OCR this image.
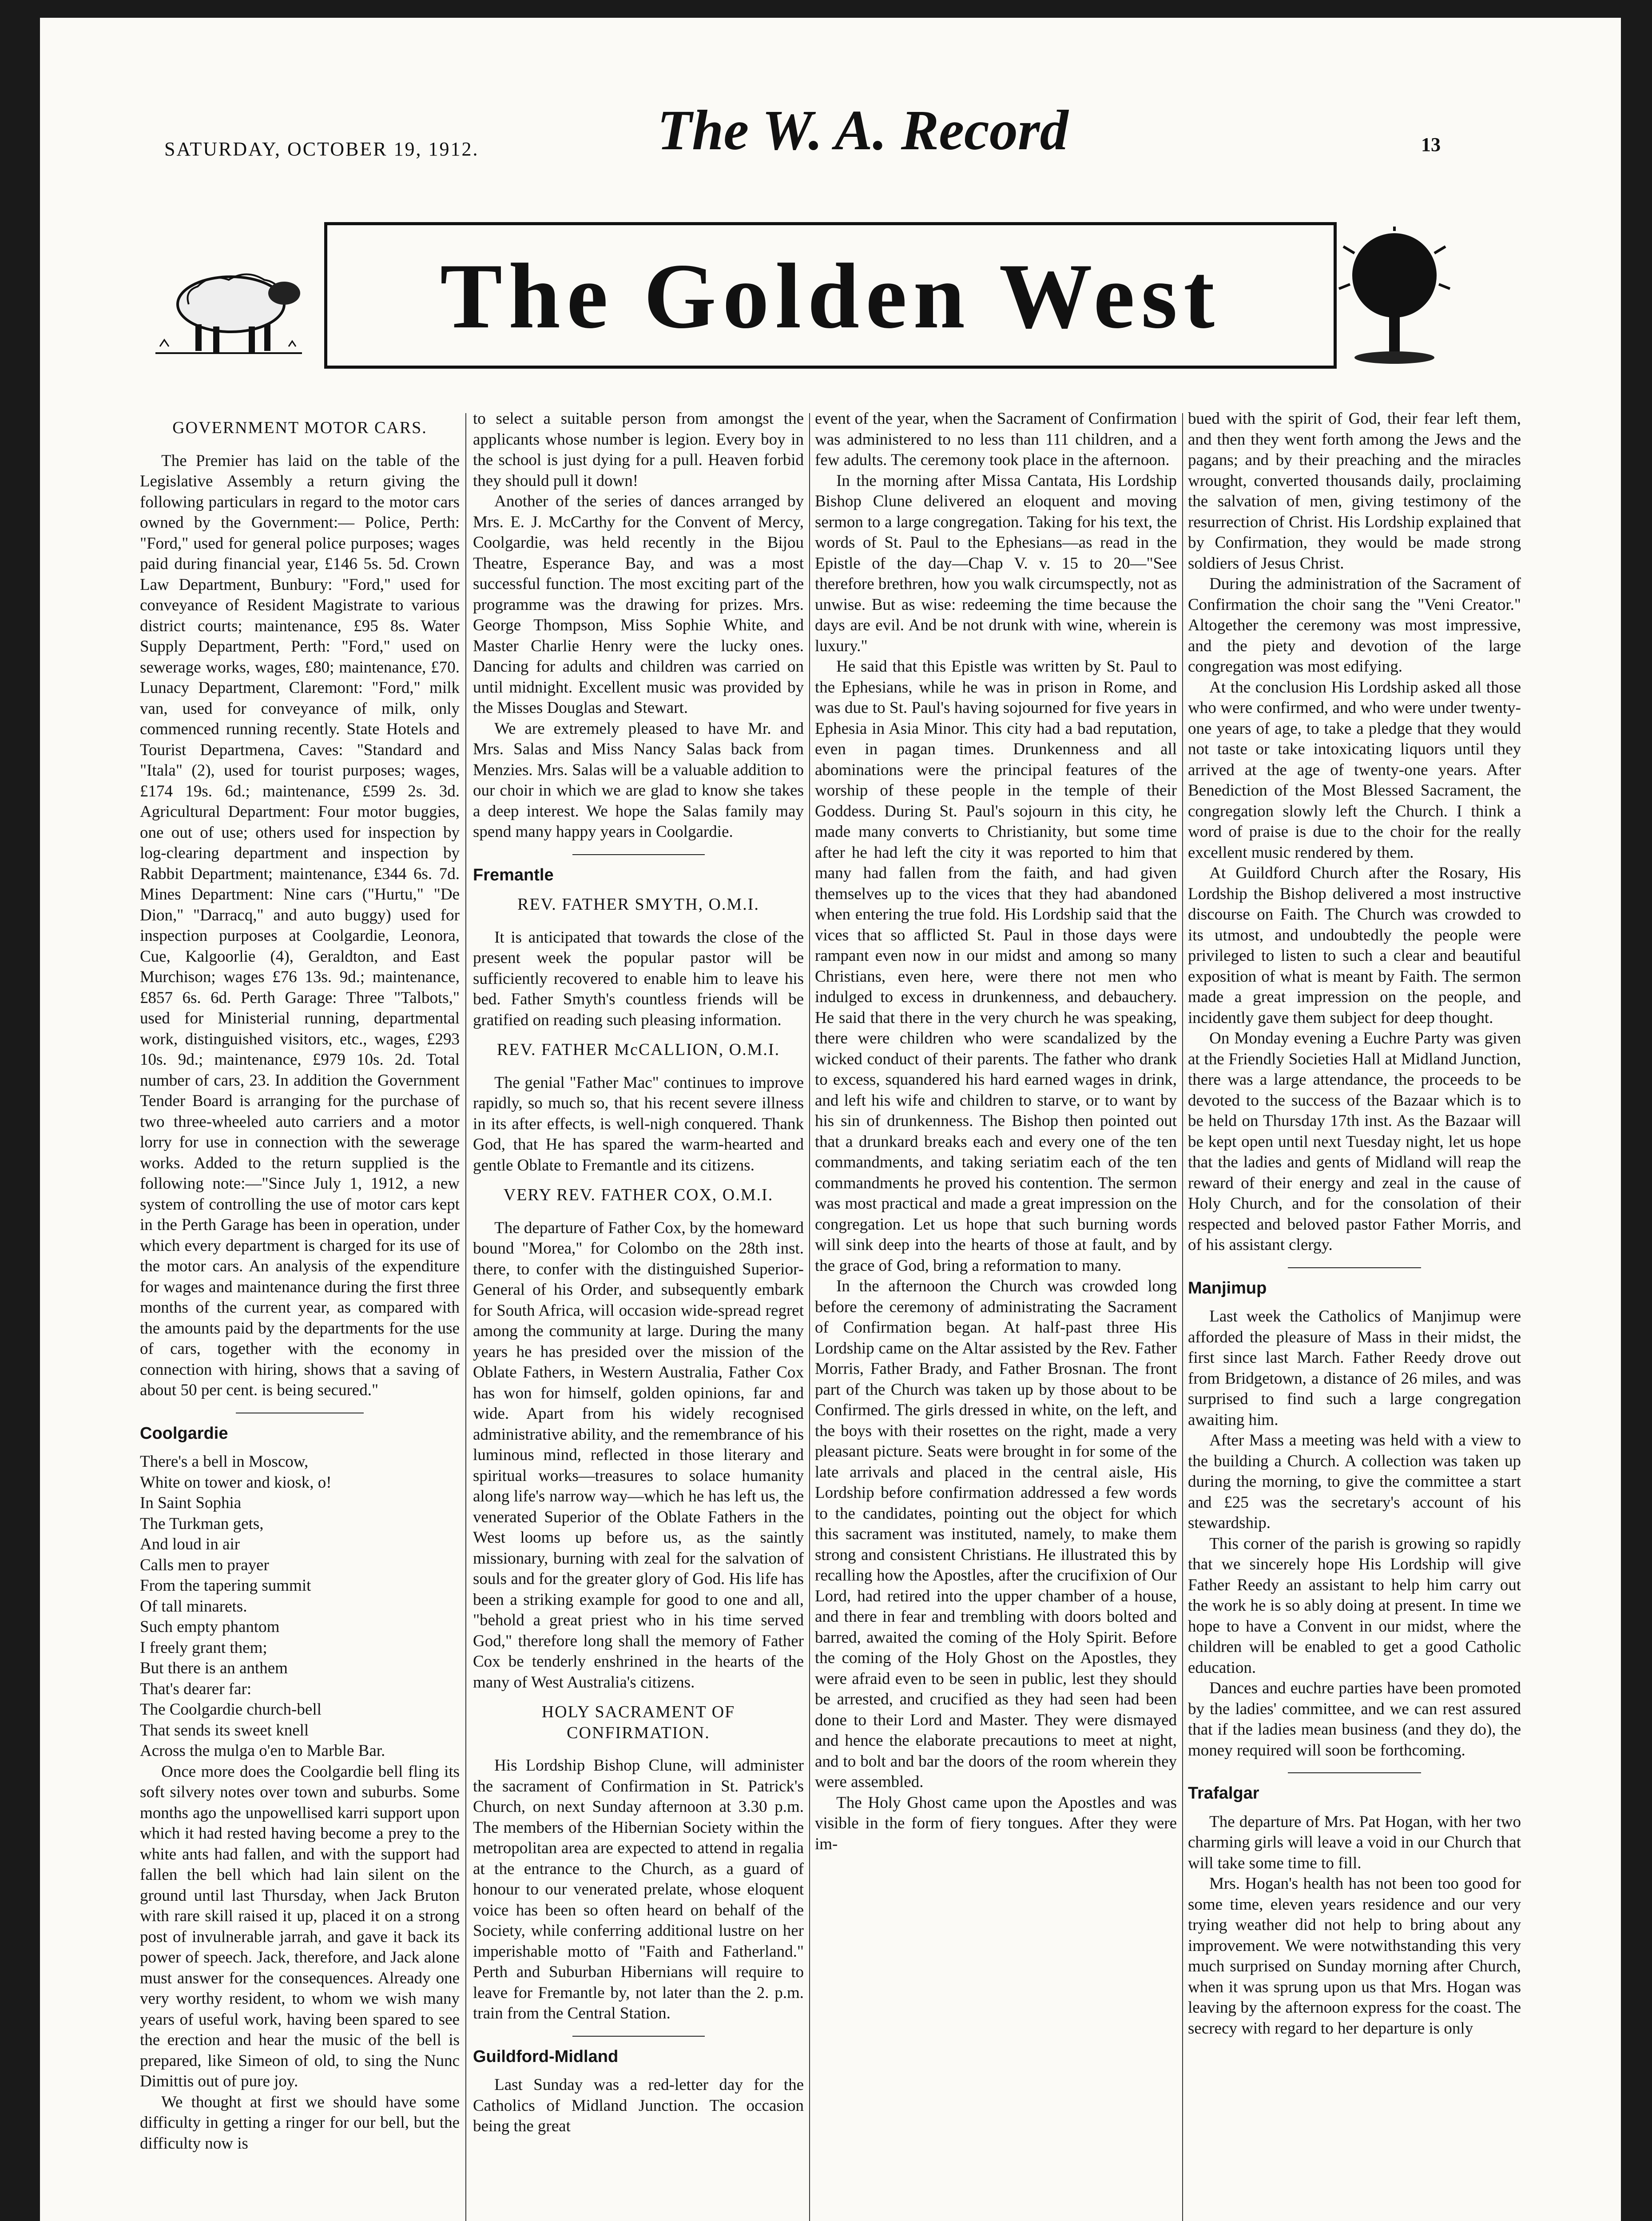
SATURDAY, OCTOBER 19, 1912.	The W. A. Record	13
The Golden West
GOVERNMENT MOTOR CARS.

The Premier has laid on the table of the Legislative Assembly a return giving the following particulars in regard to the motor cars owned by the Government:— Police, Perth: "Ford," used for general police purposes; wages paid during financial year, £146 5s. 5d. Crown Law Department, Bunbury: "Ford," used for conveyance of Resident Magistrate to various district courts; maintenance, £95 8s. Water Supply Department, Perth: "Ford," used on sewerage works, wages, £80; maintenance, £70. Lunacy Department, Claremont: "Ford," milk van, used for conveyance of milk, only commenced running recently. State Hotels and Tourist Departmena, Caves: "Standard and "Itala" (2), used for tourist purposes; wages, £174 19s. 6d.; maintenance, £599 2s. 3d. Agricultural Department: Four motor buggies, one out of use; others used for inspection by log-clearing department and inspection by Rabbit Department; maintenance, £344 6s. 7d. Mines Department: Nine cars ("Hurtu," "De Dion," "Darracq," and auto buggy) used for inspection purposes at Coolgardie, Leonora, Cue, Kalgoorlie (4), Geraldton, and East Murchison; wages £76 13s. 9d.; maintenance, £857 6s. 6d. Perth Garage: Three "Talbots," used for Ministerial running, departmental work, distinguished visitors, etc., wages, £293 10s. 9d.; maintenance, £979 10s. 2d. Total number of cars, 23. In addition the Government Tender Board is arranging for the purchase of two three-wheeled auto carriers and a motor lorry for use in connection with the sewerage works. Added to the return supplied is the following note:—"Since July 1, 1912, a new system of controlling the use of motor cars kept in the Perth Garage has been in operation, under which every department is charged for its use of the motor cars. An analysis of the expenditure for wages and maintenance during the first three months of the current year, as compared with the amounts paid by the departments for the use of cars, together with the economy in connection with hiring, shows that a saving of about 50 per cent. is being secured."

Coolgardie

There's a bell in Moscow,
White on tower and kiosk, o!
In Saint Sophia
The Turkman gets,
And loud in air
Calls men to prayer
From the tapering summit
Of tall minarets.
Such empty phantom
I freely grant them;
But there is an anthem
That's dearer far:
The Coolgardie church-bell
That sends its sweet knell
Across the mulga o'en to Marble Bar.

Once more does the Coolgardie bell fling its soft silvery notes over town and suburbs. Some months ago the unpowellised karri support upon which it had rested having become a prey to the white ants had fallen, and with the support had fallen the bell which had lain silent on the ground until last Thursday, when Jack Bruton with rare skill raised it up, placed it on a strong post of invulnerable jarrah, and gave it back its power of speech. Jack, therefore, and Jack alone must answer for the consequences. Already one very worthy resident, to whom we wish many years of useful work, having been spared to see the erection and hear the music of the bell is prepared, like Simeon of old, to sing the Nunc Dimittis out of pure joy.

We thought at first we should have some difficulty in getting a ringer for our bell, but the difficulty now is

to select a suitable person from amongst the applicants whose number is legion. Every boy in the school is just dying for a pull. Heaven forbid they should pull it down!

Another of the series of dances arranged by Mrs. E. J. McCarthy for the Convent of Mercy, Coolgardie, was held recently in the Bijou Theatre, Esperance Bay, and was a most successful function. The most exciting part of the programme was the drawing for prizes. Mrs. George Thompson, Miss Sophie White, and Master Charlie Henry were the lucky ones. Dancing for adults and children was carried on until midnight. Excellent music was provided by the Misses Douglas and Stewart.

We are extremely pleased to have Mr. and Mrs. Salas and Miss Nancy Salas back from Menzies. Mrs. Salas will be a valuable addition to our choir in which we are glad to know she takes a deep interest. We hope the Salas family may spend many happy years in Coolgardie.

Fremantle
REV. FATHER SMYTH, O.M.I.

It is anticipated that towards the close of the present week the popular pastor will be sufficiently recovered to enable him to leave his bed. Father Smyth's countless friends will be gratified on reading such pleasing information.

REV. FATHER McCALLION, O.M.I.

The genial "Father Mac" continues to improve rapidly, so much so, that his recent severe illness in its after effects, is well-nigh conquered. Thank God, that He has spared the warm-hearted and gentle Oblate to Fremantle and its citizens.

VERY REV. FATHER COX, O.M.I.

The departure of Father Cox, by the homeward bound "Morea," for Colombo on the 28th inst. there, to confer with the distinguished Superior-General of his Order, and subsequently embark for South Africa, will occasion wide-spread regret among the community at large. During the many years he has presided over the mission of the Oblate Fathers, in Western Australia, Father Cox has won for himself, golden opinions, far and wide. Apart from his widely recognised administrative ability, and the remembrance of his luminous mind, reflected in those literary and spiritual works—treasures to solace humanity along life's narrow way—which he has left us, the venerated Superior of the Oblate Fathers in the West looms up before us, as the saintly missionary, burning with zeal for the salvation of souls and for the greater glory of God. His life has been a striking example for good to one and all, "behold a great priest who in his time served God," therefore long shall the memory of Father Cox be tenderly enshrined in the hearts of the many of West Australia's citizens.

HOLY SACRAMENT OF CONFIRMATION.

His Lordship Bishop Clune, will administer the sacrament of Confirmation in St. Patrick's Church, on next Sunday afternoon at 3.30 p.m. The members of the Hibernian Society within the metropolitan area are expected to attend in regalia at the entrance to the Church, as a guard of honour to our venerated prelate, whose eloquent voice has been so often heard on behalf of the Society, while conferring additional lustre on her imperishable motto of "Faith and Fatherland." Perth and Suburban Hibernians will require to leave for Fremantle by, not later than the 2. p.m. train from the Central Station.

Guildford-Midland

Last Sunday was a red-letter day for the Catholics of Midland Junction. The occasion being the great

event of the year, when the Sacrament of Confirmation was administered to no less than 111 children, and a few adults. The ceremony took place in the afternoon.

In the morning after Missa Cantata, His Lordship Bishop Clune delivered an eloquent and moving sermon to a large congregation. Taking for his text, the words of St. Paul to the Ephesians—as read in the Epistle of the day—Chap V. v. 15 to 20—"See therefore brethren, how you walk circumspectly, not as unwise. But as wise: redeeming the time because the days are evil. And be not drunk with wine, wherein is luxury."

He said that this Epistle was written by St. Paul to the Ephesians, while he was in prison in Rome, and was due to St. Paul's having sojourned for five years in Ephesia in Asia Minor. This city had a bad reputation, even in pagan times. Drunkenness and all abominations were the principal features of the worship of these people in the temple of their Goddess. During St. Paul's sojourn in this city, he made many converts to Christianity, but some time after he had left the city it was reported to him that many had fallen from the faith, and had given themselves up to the vices that they had abandoned when entering the true fold. His Lordship said that the vices that so afflicted St. Paul in those days were rampant even now in our midst and among so many Christians, even here, were there not men who indulged to excess in drunkenness, and debauchery. He said that there in the very church he was speaking, there were children who were scandalized by the wicked conduct of their parents. The father who drank to excess, squandered his hard earned wages in drink, and left his wife and children to starve, or to want by his sin of drunkenness. The Bishop then pointed out that a drunkard breaks each and every one of the ten commandments, and taking seriatim each of the ten commandments he proved his contention. The sermon was most practical and made a great impression on the congregation. Let us hope that such burning words will sink deep into the hearts of those at fault, and by the grace of God, bring a reformation to many.

In the afternoon the Church was crowded long before the ceremony of administrating the Sacrament of Confirmation began. At half-past three His Lordship came on the Altar assisted by the Rev. Father Morris, Father Brady, and Father Brosnan. The front part of the Church was taken up by those about to be Confirmed. The girls dressed in white, on the left, and the boys with their rosettes on the right, made a very pleasant picture. Seats were brought in for some of the late arrivals and placed in the central aisle, His Lordship before confirmation addressed a few words to the candidates, pointing out the object for which this sacrament was instituted, namely, to make them strong and consistent Christians. He illustrated this by recalling how the Apostles, after the crucifixion of Our Lord, had retired into the upper chamber of a house, and there in fear and trembling with doors bolted and barred, awaited the coming of the Holy Spirit. Before the coming of the Holy Ghost on the Apostles, they were afraid even to be seen in public, lest they should be arrested, and crucified as they had seen had been done to their Lord and Master. They were dismayed and hence the elaborate precautions to meet at night, and to bolt and bar the doors of the room wherein they were assembled.

The Holy Ghost came upon the Apostles and was visible in the form of fiery tongues. After they were im-

bued with the spirit of God, their fear left them, and then they went forth among the Jews and the pagans; and by their preaching and the miracles wrought, converted thousands daily, proclaiming the salvation of men, giving testimony of the resurrection of Christ. His Lordship explained that by Confirmation, they would be made strong soldiers of Jesus Christ.

During the administration of the Sacrament of Confirmation the choir sang the "Veni Creator." Altogether the ceremony was most impressive, and the piety and devotion of the large congregation was most edifying.

At the conclusion His Lordship asked all those who were confirmed, and who were under twenty-one years of age, to take a pledge that they would not taste or take intoxicating liquors until they arrived at the age of twenty-one years. After Benediction of the Most Blessed Sacrament, the congregation slowly left the Church. I think a word of praise is due to the choir for the really excellent music rendered by them.

At Guildford Church after the Rosary, His Lordship the Bishop delivered a most instructive discourse on Faith. The Church was crowded to its utmost, and undoubtedly the people were privileged to listen to such a clear and beautiful exposition of what is meant by Faith. The sermon made a great impression on the people, and incidently gave them subject for deep thought.

On Monday evening a Euchre Party was given at the Friendly Societies Hall at Midland Junction, there was a large attendance, the proceeds to be devoted to the success of the Bazaar which is to be held on Thursday 17th inst. As the Bazaar will be kept open until next Tuesday night, let us hope that the ladies and gents of Midland will reap the reward of their energy and zeal in the cause of Holy Church, and for the consolation of their respected and beloved pastor Father Morris, and of his assistant clergy.

Manjimup

Last week the Catholics of Manjimup were afforded the pleasure of Mass in their midst, the first since last March. Father Reedy drove out from Bridgetown, a distance of 26 miles, and was surprised to find such a large congregation awaiting him.

After Mass a meeting was held with a view to the building a Church. A collection was taken up during the morning, to give the committee a start and £25 was the secretary's account of his stewardship.

This corner of the parish is growing so rapidly that we sincerely hope His Lordship will give Father Reedy an assistant to help him carry out the work he is so ably doing at present. In time we hope to have a Convent in our midst, where the children will be enabled to get a good Catholic education.

Dances and euchre parties have been promoted by the ladies' committee, and we can rest assured that if the ladies mean business (and they do), the money required will soon be forthcoming.

Trafalgar

The departure of Mrs. Pat Hogan, with her two charming girls will leave a void in our Church that will take some time to fill.

Mrs. Hogan's health has not been too good for some time, eleven years residence and our very trying weather did not help to bring about any improvement. We were notwithstanding this very much surprised on Sunday morning after Church, when it was sprung upon us that Mrs. Hogan was leaving by the afternoon express for the coast. The secrecy with regard to her departure is only
